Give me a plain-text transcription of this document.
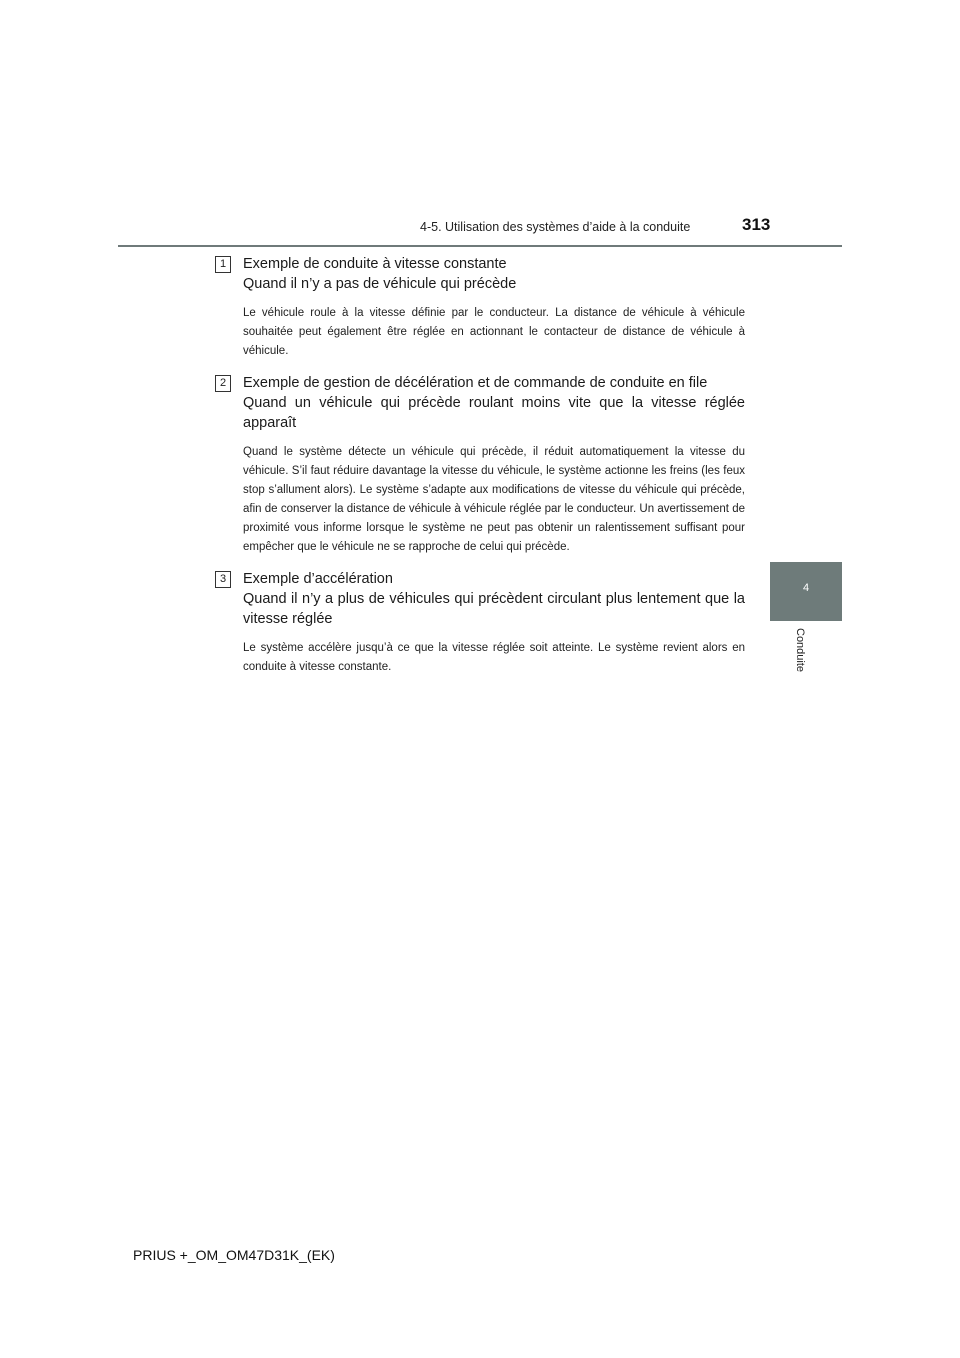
4-5. Utilisation des systèmes d’aide à la conduite	313
4
Conduite
1	Exemple de conduite à vitesse constante
Quand il n’y a pas de véhicule qui précède
Le véhicule roule à la vitesse définie par le conducteur. La distance de véhicule à véhicule souhaitée peut également être réglée en actionnant le contacteur de distance de véhicule à véhicule.
2	Exemple de gestion de décélération et de commande de conduite en file
Quand un véhicule qui précède roulant moins vite que la vitesse réglée apparaît
Quand le système détecte un véhicule qui précède, il réduit automatiquement la vitesse du véhicule. S’il faut réduire davantage la vitesse du véhicule, le système actionne les freins (les feux stop s’allument alors). Le système s’adapte aux modifications de vitesse du véhicule qui précède, afin de conserver la distance de véhicule à véhicule réglée par le conducteur. Un avertissement de proximité vous informe lorsque le système ne peut pas obtenir un ralentissement suffisant pour empêcher que le véhicule ne se rapproche de celui qui précède.
3	Exemple d’accélération
Quand il n’y a plus de véhicules qui précèdent circulant plus lentement que la vitesse réglée
Le système accélère jusqu’à ce que la vitesse réglée soit atteinte. Le système revient alors en conduite à vitesse constante.
PRIUS +_OM_OM47D31K_(EK)
